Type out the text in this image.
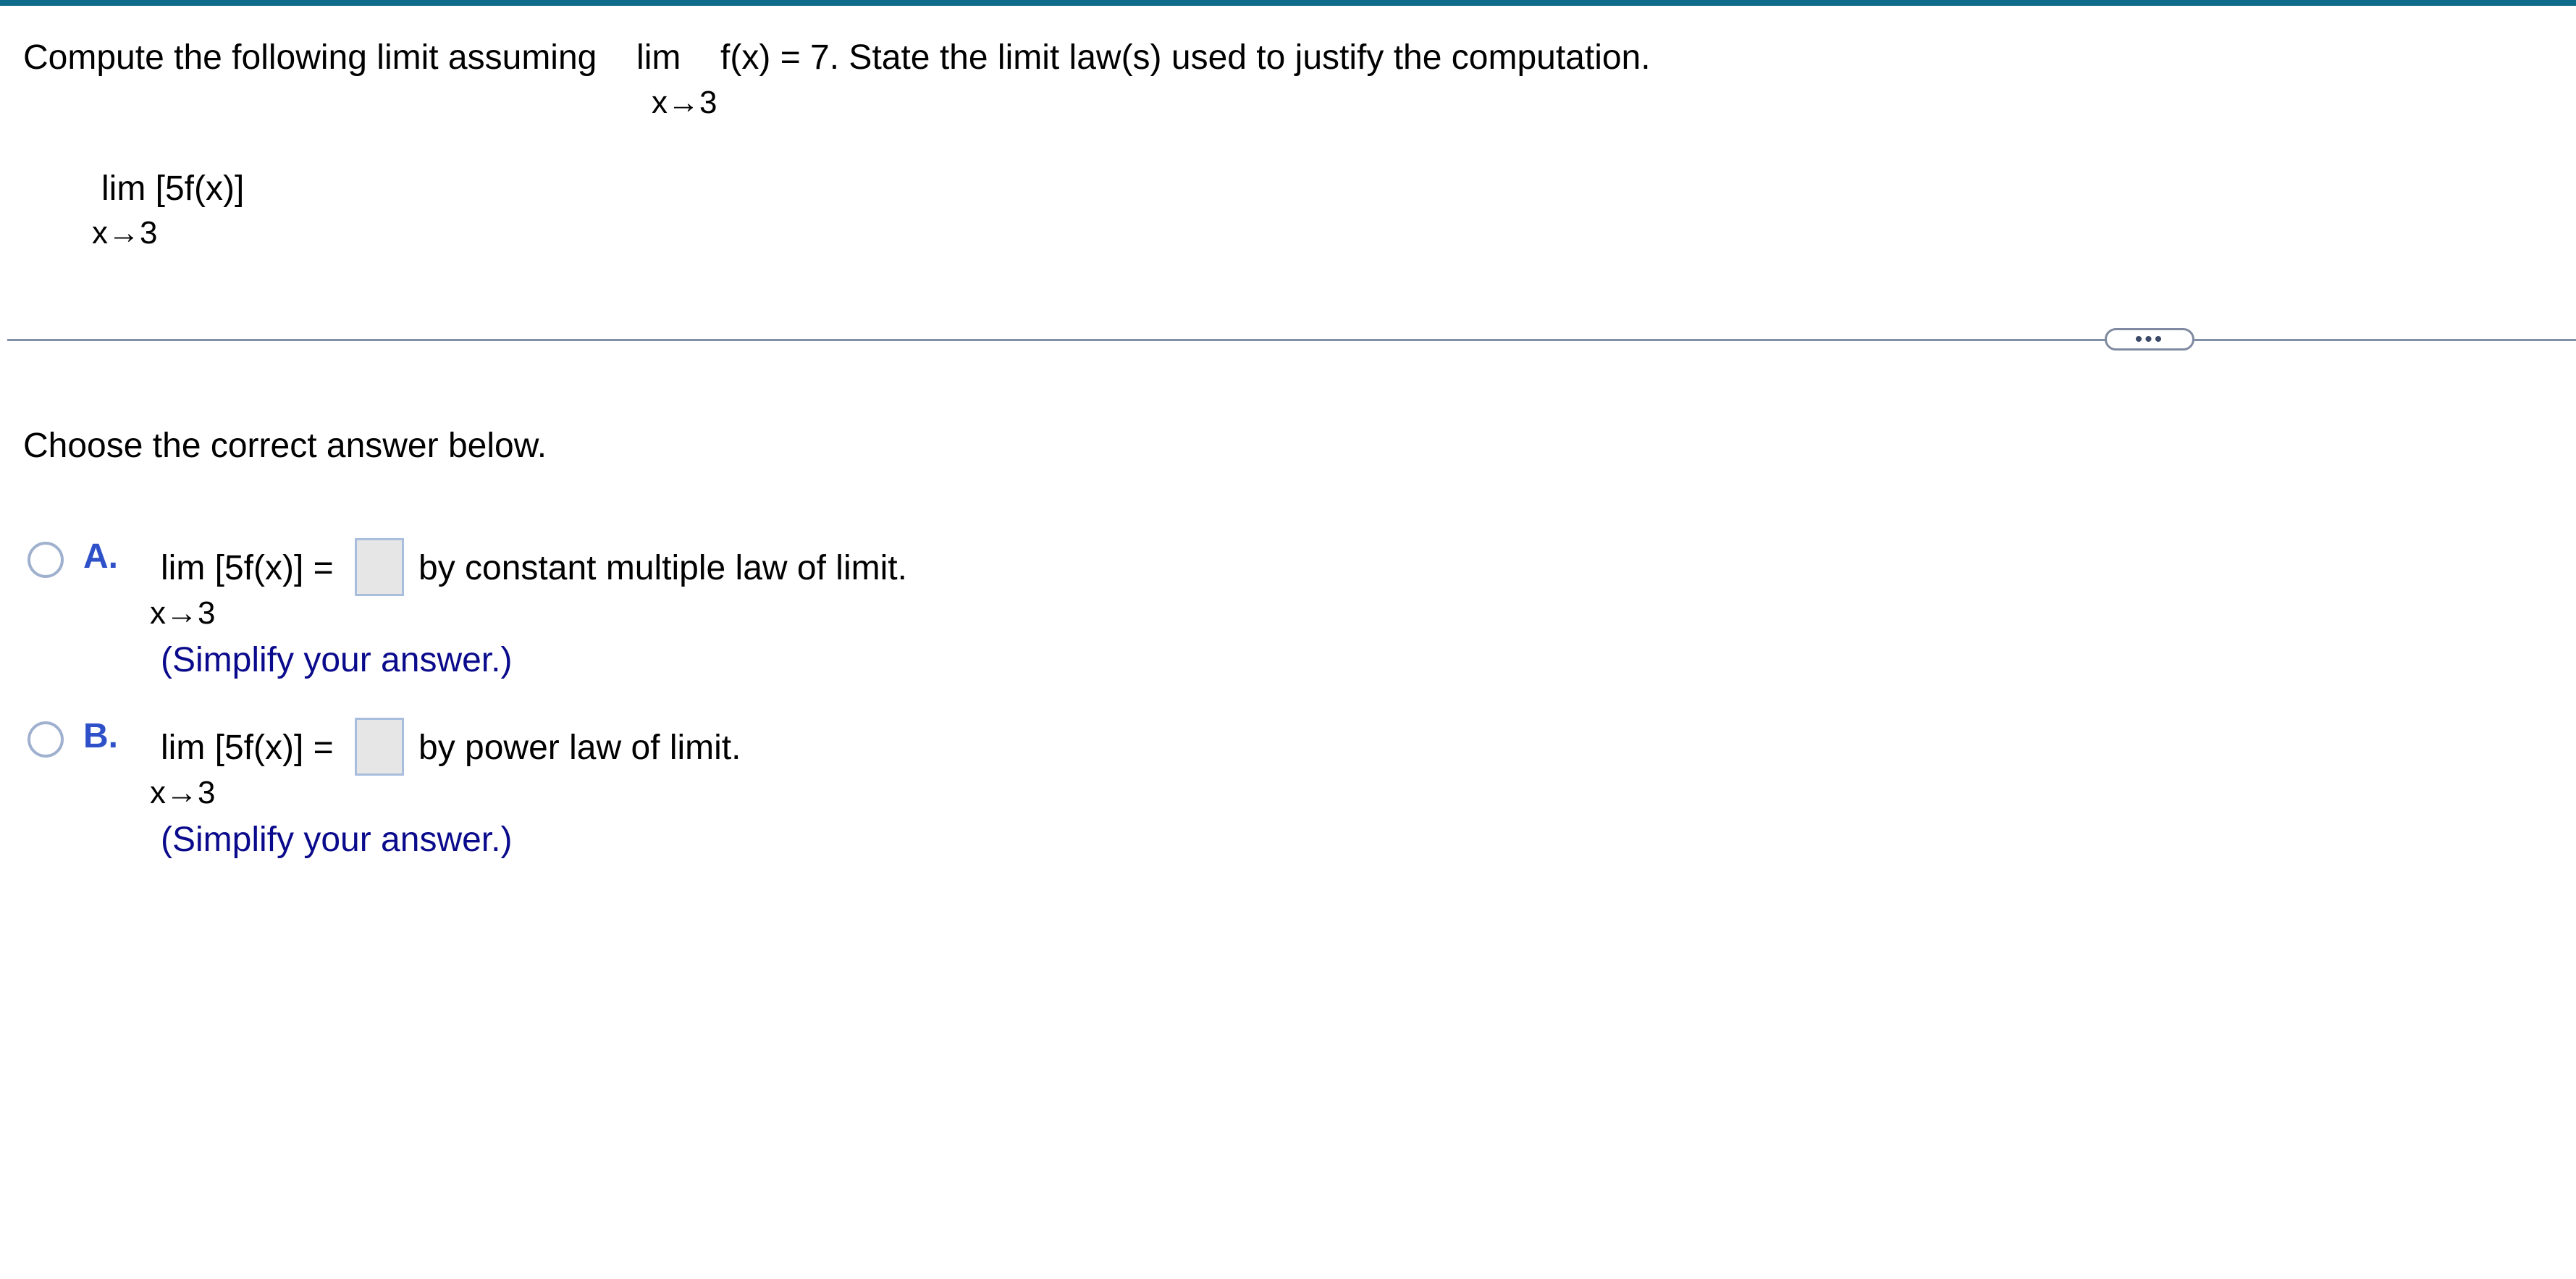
Compute the following limit assuming lim f(x) = 7. State the limit law(s) used to justify the computation.
x→3
lim [5f(x)]
x→3
•••
Choose the correct answer below.
A. lim [5f(x)] = by constant multiple law of limit.
x→3
(Simplify your answer.)
B. lim [5f(x)] = by power law of limit.
x→3
(Simplify your answer.)
